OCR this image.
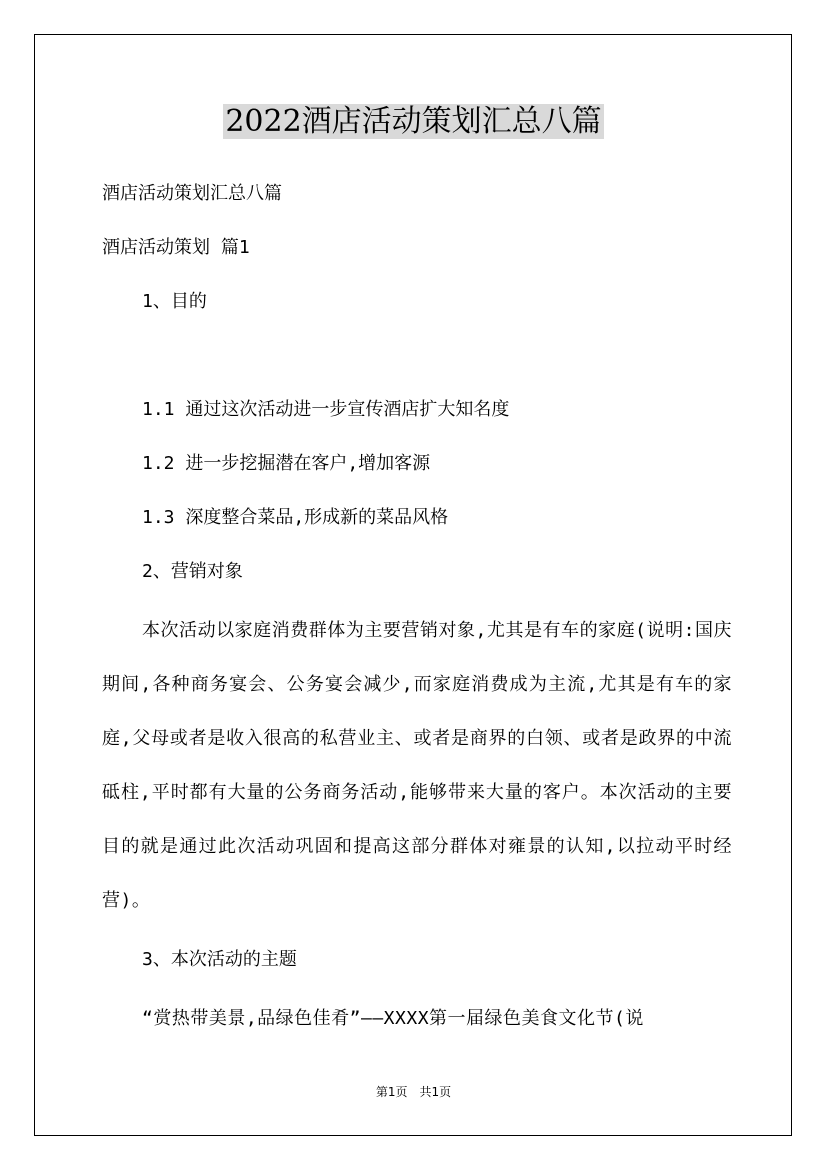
2022酒店活动策划汇总八篇

酒店活动策划汇总八篇

酒店活动策划 篇1

1、目的

1.1 通过这次活动进一步宣传酒店扩大知名度

1.2 进一步挖掘潜在客户,增加客源

1.3 深度整合菜品,形成新的菜品风格

2、营销对象

本次活动以家庭消费群体为主要营销对象,尤其是有车的家庭(说明:国庆期间,各种商务宴会、公务宴会减少,而家庭消费成为主流,尤其是有车的家庭,父母或者是收入很高的私营业主、或者是商界的白领、或者是政界的中流砥柱,平时都有大量的公务商务活动,能够带来大量的客户。本次活动的主要目的就是通过此次活动巩固和提高这部分群体对雍景的认知,以拉动平时经营)。

3、本次活动的主题

“赏热带美景,品绿色佳肴”——XXXX第一届绿色美食文化节(说

第1页　共1页
